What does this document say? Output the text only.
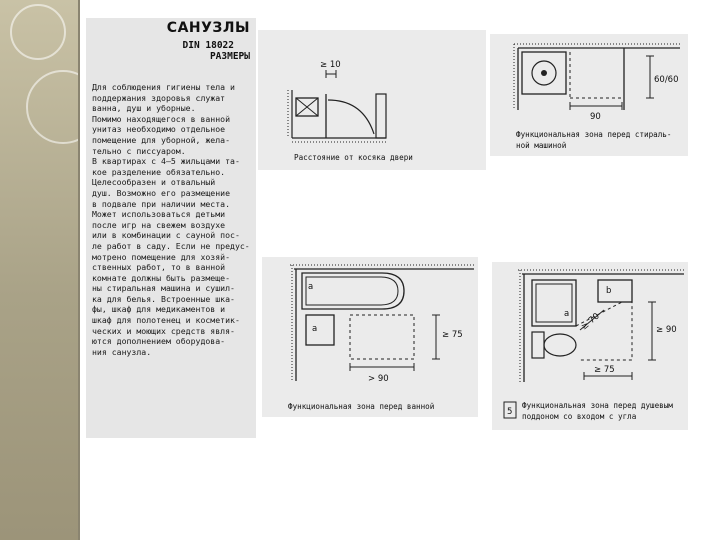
САНУЗЛЫ
DIN 18022
РАЗМЕРЫ
Для соблюдения гигиены тела и
поддержания здоровья служат
ванна, душ и уборные.
Помимо находящегося в ванной
унитаз необходимо отдельное
помещение для уборной, жела-
тельно с писсуаром.
В квартирах с 4–5 жильцами та-
кое разделение обязательно.
Целесообразен и отвальный
душ. Возможно его размещение
в подвале при наличии места.
Может использоваться детьми
после игр на свежем воздухе
или в комбинации с сауной пос-
ле работ в саду. Если не предус-
мотрено помещение для хозяй-
ственных работ, то в ванной
комнате должны быть размеще-
ны стиральная машина и сушил-
ка для белья. Встроенные шка-
фы, шкаф для медикаментов и
шкаф для полотенец и косметик-
ческих и моющих средств явля-
ются дополнением оборудова-
ния санузла.
≥ 10
Расстояние от косяка двери
90
60/60
Функциональная зона перед стираль-
ной машиной
a
a
≥ 75
> 90
Функциональная зона перед ванной
a
b
≥ 70	≥ 90
≥ 75
5
Функциональная зона перед душевым
поддоном со входом с угла
